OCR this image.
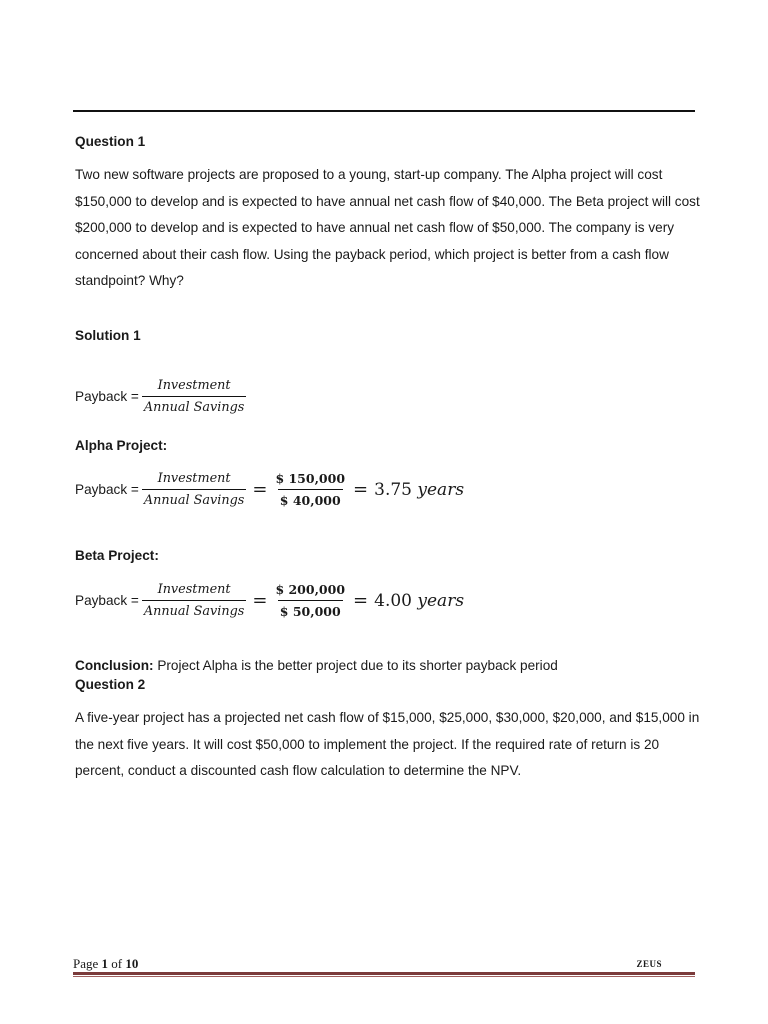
Question 1

Two new software projects are proposed to a young, start-up company. The Alpha project will cost $150,000 to develop and is expected to have annual net cash flow of $40,000. The Beta project will cost $200,000 to develop and is expected to have annual net cash flow of $50,000. The company is very concerned about their cash flow. Using the payback period, which project is better from a cash flow standpoint? Why?

Solution 1
Payback = $\frac{\text{Investment}}{\text{Annual Savings}}$
Alpha Project:
Payback = $\frac{\text{Investment}}{\text{Annual Savings}} = \frac{\$ 150,000}{\$ 40,000} = 3.75$ years
Beta Project:
Payback = $\frac{\text{Investment}}{\text{Annual Savings}} = \frac{\$ 200,000}{\$ 50,000} = 4.00$ years
Conclusion: Project Alpha is the better project due to its shorter payback period
Question 2

A five-year project has a projected net cash flow of $15,000, $25,000, $30,000, $20,000, and $15,000 in the next five years. It will cost $50,000 to implement the project. If the required rate of return is 20 percent, conduct a discounted cash flow calculation to determine the NPV.

Page 1 of 10	ZEUS
